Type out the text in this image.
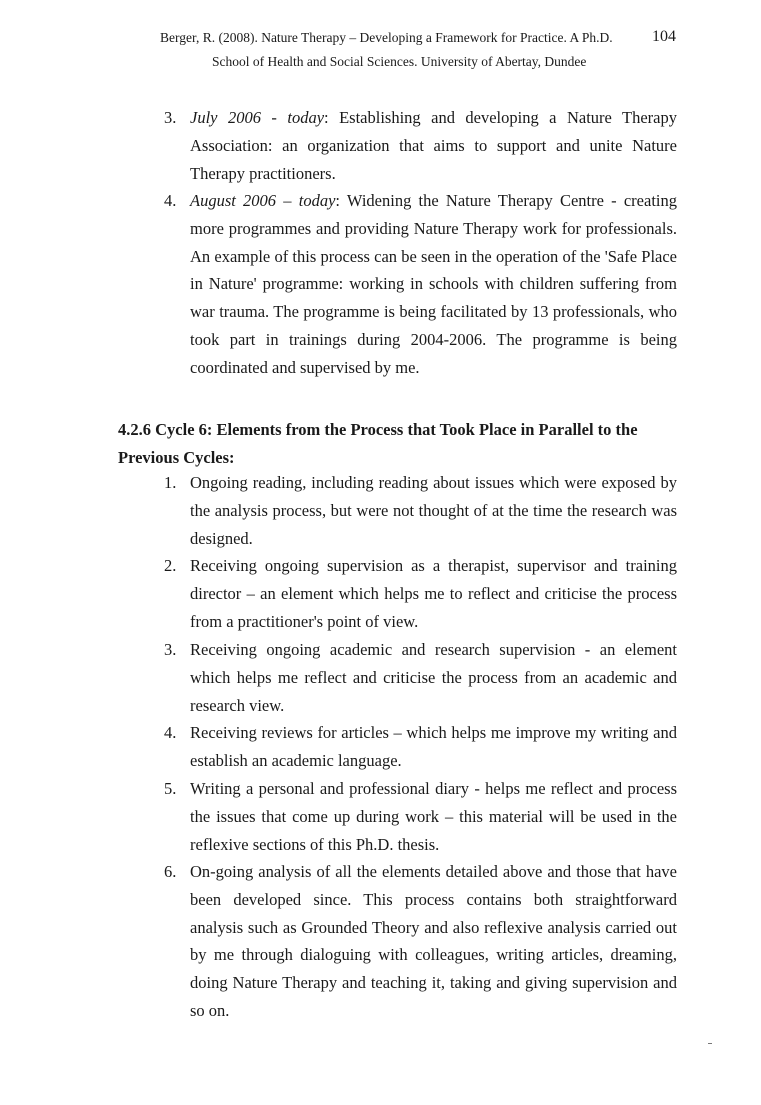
Berger, R. (2008). Nature Therapy – Developing a Framework for Practice. A Ph.D. 104
School of Health and Social Sciences. University of Abertay, Dundee
3. July 2006 - today: Establishing and developing a Nature Therapy Association: an organization that aims to support and unite Nature Therapy practitioners.
4. August 2006 – today: Widening the Nature Therapy Centre - creating more programmes and providing Nature Therapy work for professionals. An example of this process can be seen in the operation of the 'Safe Place in Nature' programme: working in schools with children suffering from war trauma. The programme is being facilitated by 13 professionals, who took part in trainings during 2004-2006. The programme is being coordinated and supervised by me.
4.2.6 Cycle 6: Elements from the Process that Took Place in Parallel to the Previous Cycles:
1. Ongoing reading, including reading about issues which were exposed by the analysis process, but were not thought of at the time the research was designed.
2. Receiving ongoing supervision as a therapist, supervisor and training director – an element which helps me to reflect and criticise the process from a practitioner's point of view.
3. Receiving ongoing academic and research supervision - an element which helps me reflect and criticise the process from an academic and research view.
4. Receiving reviews for articles – which helps me improve my writing and establish an academic language.
5. Writing a personal and professional diary - helps me reflect and process the issues that come up during work – this material will be used in the reflexive sections of this Ph.D. thesis.
6. On-going analysis of all the elements detailed above and those that have been developed since. This process contains both straightforward analysis such as Grounded Theory and also reflexive analysis carried out by me through dialoguing with colleagues, writing articles, dreaming, doing Nature Therapy and teaching it, taking and giving supervision and so on.
